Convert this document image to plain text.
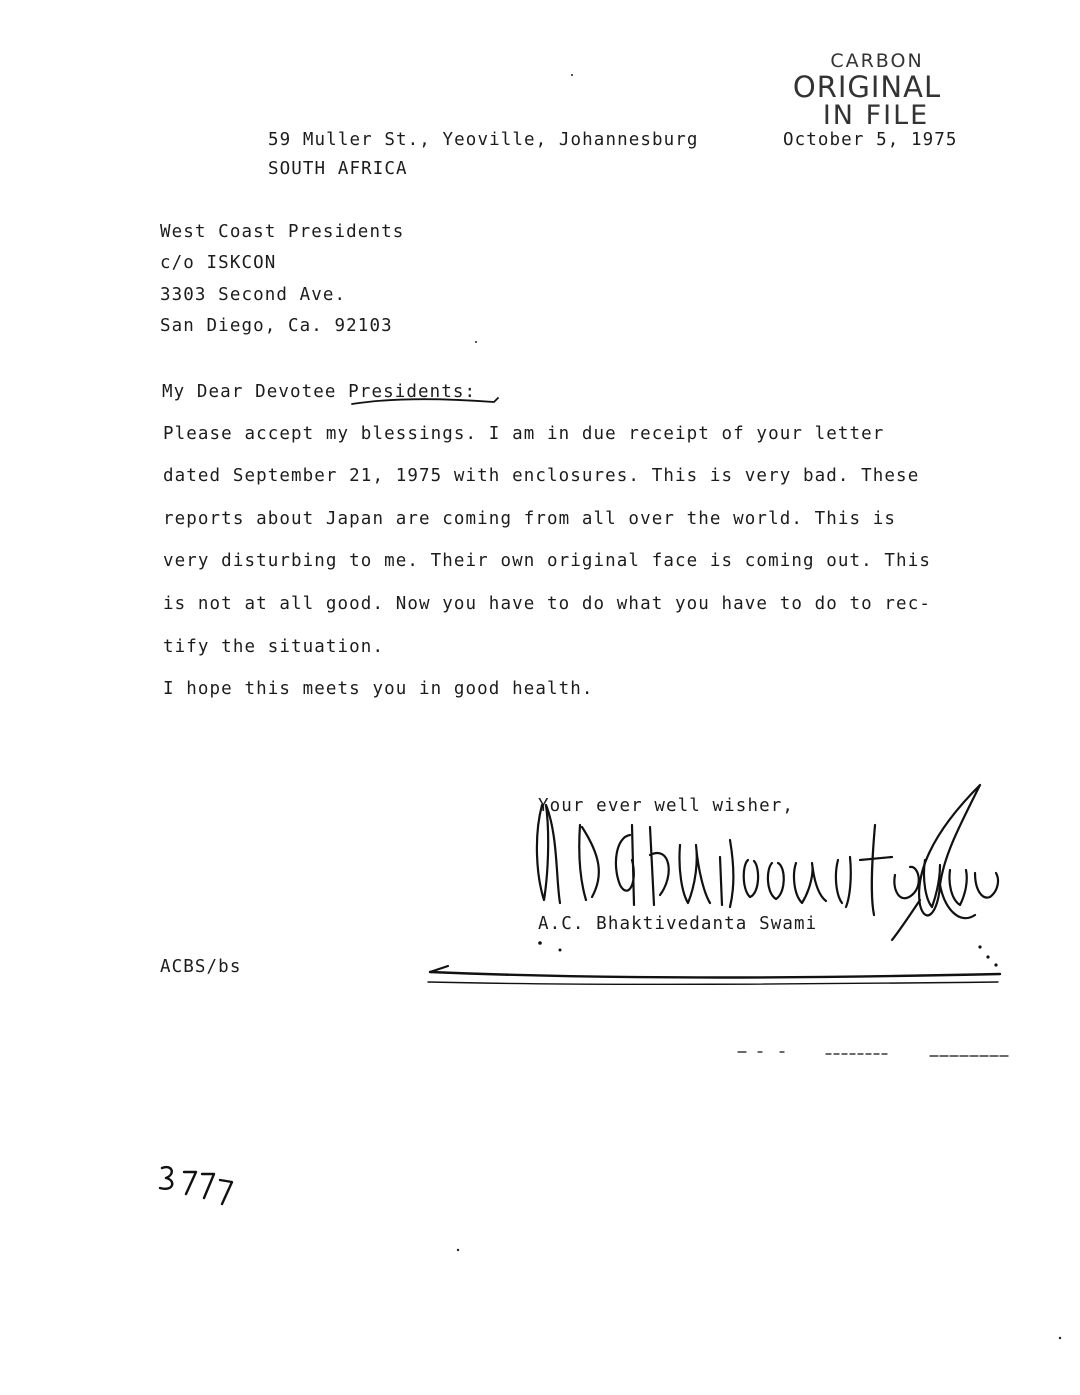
CARBON
ORIGINAL
IN FILE
59 Muller St., Yeoville, Johannesburg	October 5, 1975
SOUTH AFRICA
West Coast Presidents
c/o ISKCON
3303 Second Ave.
San Diego, Ca. 92103
My Dear Devotee Presidents:
Please accept my blessings. I am in due receipt of your letter
dated September 21, 1975 with enclosures. This is very bad. These
reports about Japan are coming from all over the world. This is
very disturbing to me. Their own original face is coming out. This
is not at all good. Now you have to do what you have to do to rec-
tify the situation.
I hope this meets you in good health.
Your ever well wisher,
A.C. Bhaktivedanta Swami
ACBS/bs
